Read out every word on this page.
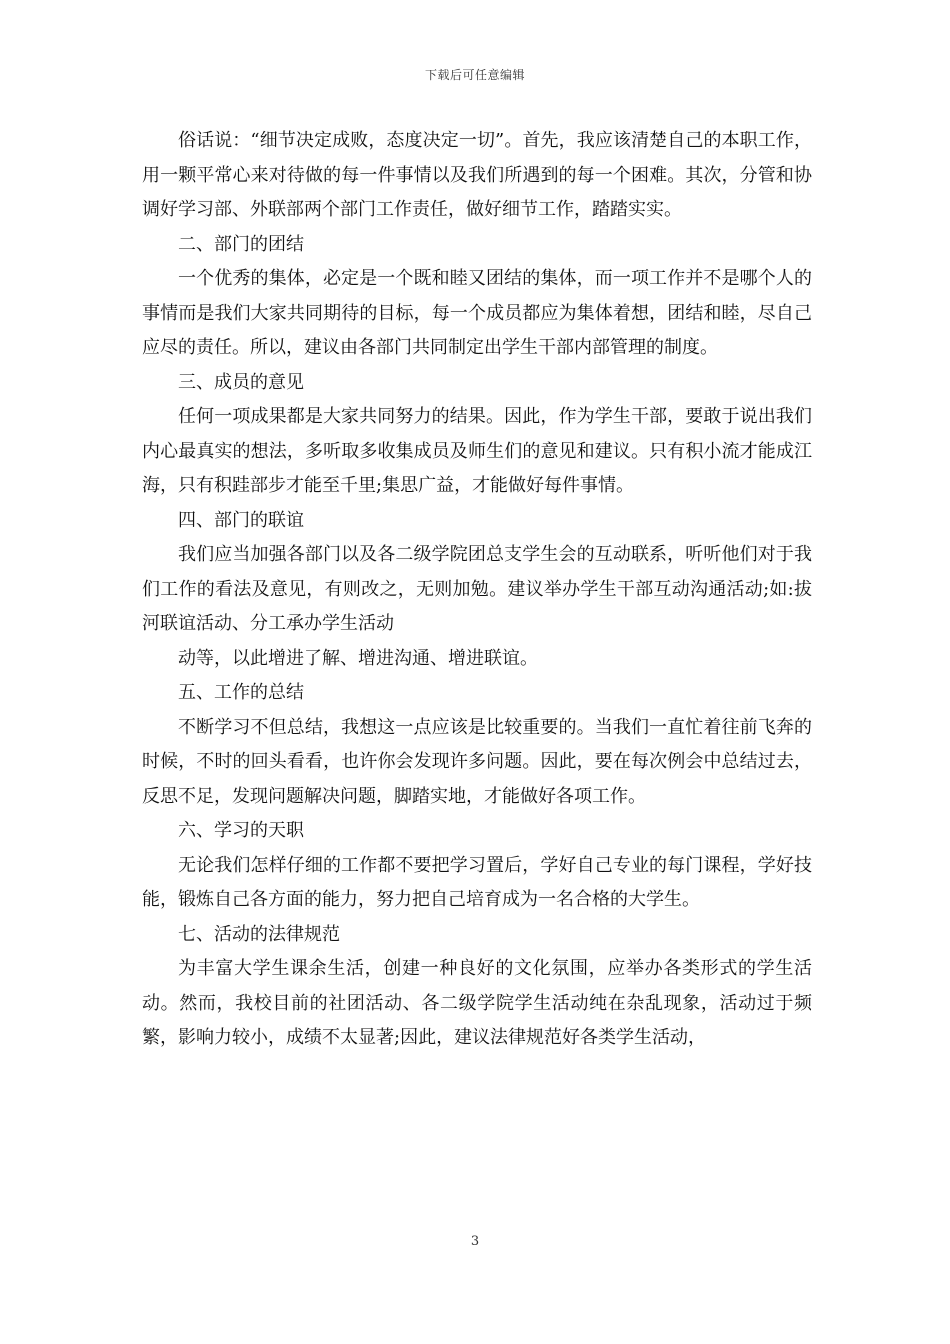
下载后可任意编辑

俗话说：“细节决定成败，态度决定一切”。首先，我应该清楚自己的本职工作，用一颗平常心来对待做的每一件事情以及我们所遇到的每一个困难。其次，分管和协调好学习部、外联部两个部门工作责任，做好细节工作，踏踏实实。

二、部门的团结

一个优秀的集体，必定是一个既和睦又团结的集体，而一项工作并不是哪个人的事情而是我们大家共同期待的目标，每一个成员都应为集体着想，团结和睦，尽自己应尽的责任。所以，建议由各部门共同制定出学生干部内部管理的制度。

三、成员的意见

任何一项成果都是大家共同努力的结果。因此，作为学生干部，要敢于说出我们内心最真实的想法，多听取多收集成员及师生们的意见和建议。只有积小流才能成江海，只有积跬部步才能至千里;集思广益，才能做好每件事情。

四、部门的联谊

我们应当加强各部门以及各二级学院团总支学生会的互动联系，听听他们对于我们工作的看法及意见，有则改之，无则加勉。建议举办学生干部互动沟通活动;如:拔河联谊活动、分工承办学生活动

动等，以此增进了解、增进沟通、增进联谊。

五、工作的总结

不断学习不但总结，我想这一点应该是比较重要的。当我们一直忙着往前飞奔的时候，不时的回头看看，也许你会发现许多问题。因此，要在每次例会中总结过去，反思不足，发现问题解决问题，脚踏实地，才能做好各项工作。

六、学习的天职

无论我们怎样仔细的工作都不要把学习置后，学好自己专业的每门课程，学好技能，锻炼自己各方面的能力，努力把自己培育成为一名合格的大学生。

七、活动的法律规范

为丰富大学生课余生活，创建一种良好的文化氛围，应举办各类形式的学生活动。然而，我校目前的社团活动、各二级学院学生活动纯在杂乱现象，活动过于频繁，影响力较小，成绩不太显著;因此，建议法律规范好各类学生活动，

3
